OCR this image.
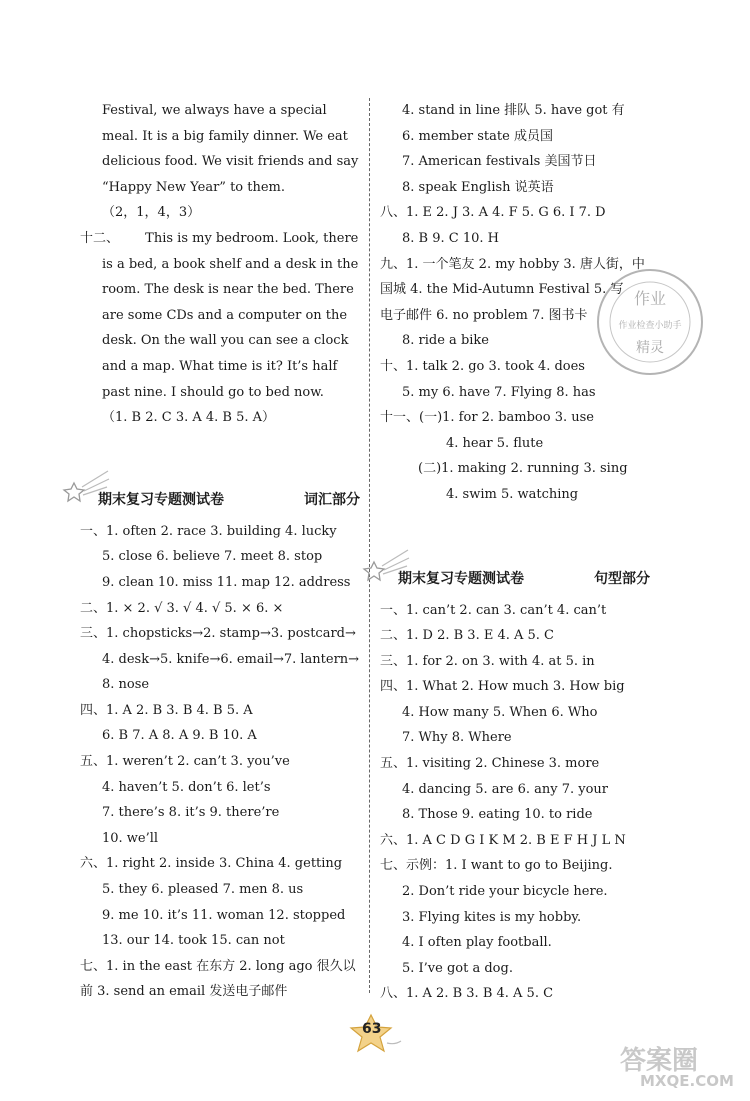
Festival, we always have a special
meal. It is a big family dinner. We eat
delicious food. We visit friends and say
“Happy New Year” to them.
（2，1，4，3）
十二、 This is my bedroom. Look, there
is a bed, a book shelf and a desk in the
room. The desk is near the bed. There
are some CDs and a computer on the
desk. On the wall you can see a clock
and a map. What time is it? It’s half
past nine. I should go to bed now.
（1. B 2. C 3. A 4. B 5. A）
期末复习专题测试卷	词汇部分
一、1. often 2. race 3. building 4. lucky
5. close 6. believe 7. meet 8. stop
9. clean 10. miss 11. map 12. address
二、1. × 2. √ 3. √ 4. √ 5. × 6. ×
三、1. chopsticks→2. stamp→3. postcard→
4. desk→5. knife→6. email→7. lantern→
8. nose
四、1. A 2. B 3. B 4. B 5. A
6. B 7. A 8. A 9. B 10. A
五、1. weren’t 2. can’t 3. you’ve
4. haven’t 5. don’t 6. let’s
7. there’s 8. it’s 9. there’re
10. we’ll
六、1. right 2. inside 3. China 4. getting
5. they 6. pleased 7. men 8. us
9. me 10. it’s 11. woman 12. stopped
13. our 14. took 15. can not
七、1. in the east 在东方 2. long ago 很久以
前 3. send an email 发送电子邮件
4. stand in line 排队 5. have got 有
6. member state 成员国
7. American festivals 美国节日
8. speak English 说英语
八、1. E 2. J 3. A 4. F 5. G 6. I 7. D
8. B 9. C 10. H
九、1. 一个笔友 2. my hobby 3. 唐人街，中
国城 4. the Mid-Autumn Festival 5. 写
电子邮件 6. no problem 7. 图书卡
8. ride a bike
十、1. talk 2. go 3. took 4. does
5. my 6. have 7. Flying 8. has
十一、(一)1. for 2. bamboo 3. use
4. hear 5. flute
(二)1. making 2. running 3. sing
4. swim 5. watching
期末复习专题测试卷	句型部分
一、1. can’t 2. can 3. can’t 4. can’t
二、1. D 2. B 3. E 4. A 5. C
三、1. for 2. on 3. with 4. at 5. in
四、1. What 2. How much 3. How big
4. How many 5. When 6. Who
7. Why 8. Where
五、1. visiting 2. Chinese 3. more
4. dancing 5. are 6. any 7. your
8. Those 9. eating 10. to ride
六、1. A C D G I K M 2. B E F H J L N
七、示例：1. I want to go to Beijing.
2. Don’t ride your bicycle here.
3. Flying kites is my hobby.
4. I often play football.
5. I’ve got a dog.
八、1. A 2. B 3. B 4. A 5. C
作业
作业检查小助手
精灵
63
答案圈
MXQE.COM
